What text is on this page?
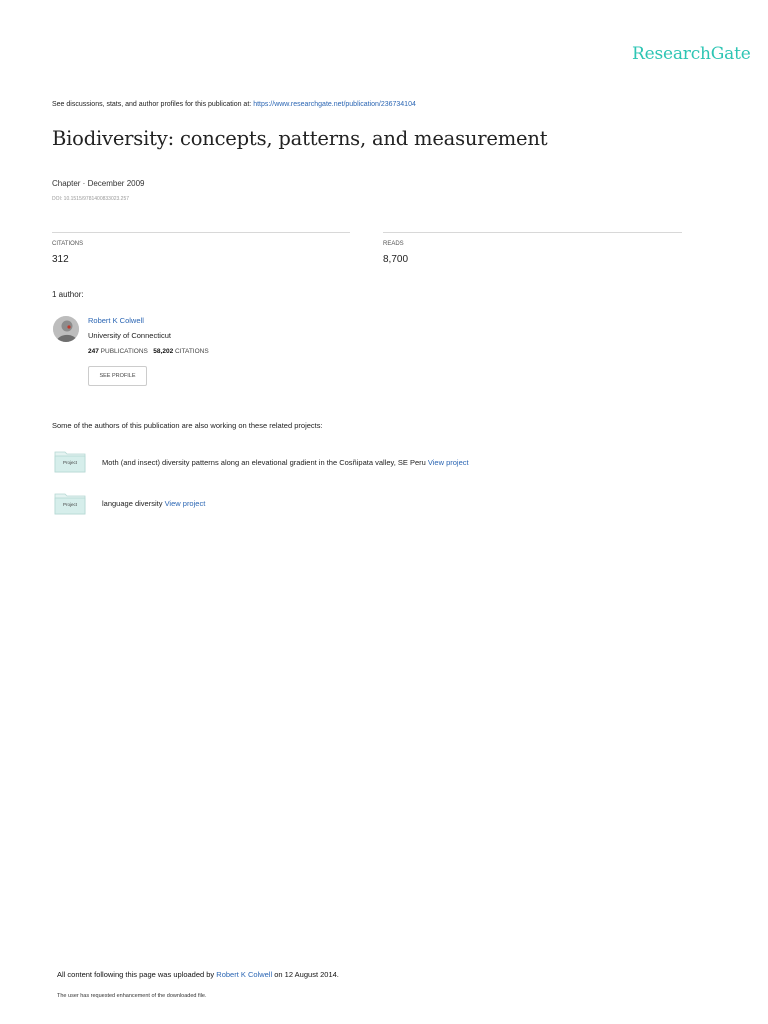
ResearchGate
See discussions, stats, and author profiles for this publication at: https://www.researchgate.net/publication/236734104
Biodiversity: concepts, patterns, and measurement
Chapter · December 2009
DOI: 10.1515/9781400833023.257
CITATIONS
312
READS
8,700
1 author:
Robert K Colwell
University of Connecticut
247 PUBLICATIONS 58,202 CITATIONS
SEE PROFILE
Some of the authors of this publication are also working on these related projects:
Project	Moth (and insect) diversity patterns along an elevational gradient in the Cosñipata valley, SE Peru View project
Project	language diversity View project
All content following this page was uploaded by Robert K Colwell on 12 August 2014.
The user has requested enhancement of the downloaded file.
